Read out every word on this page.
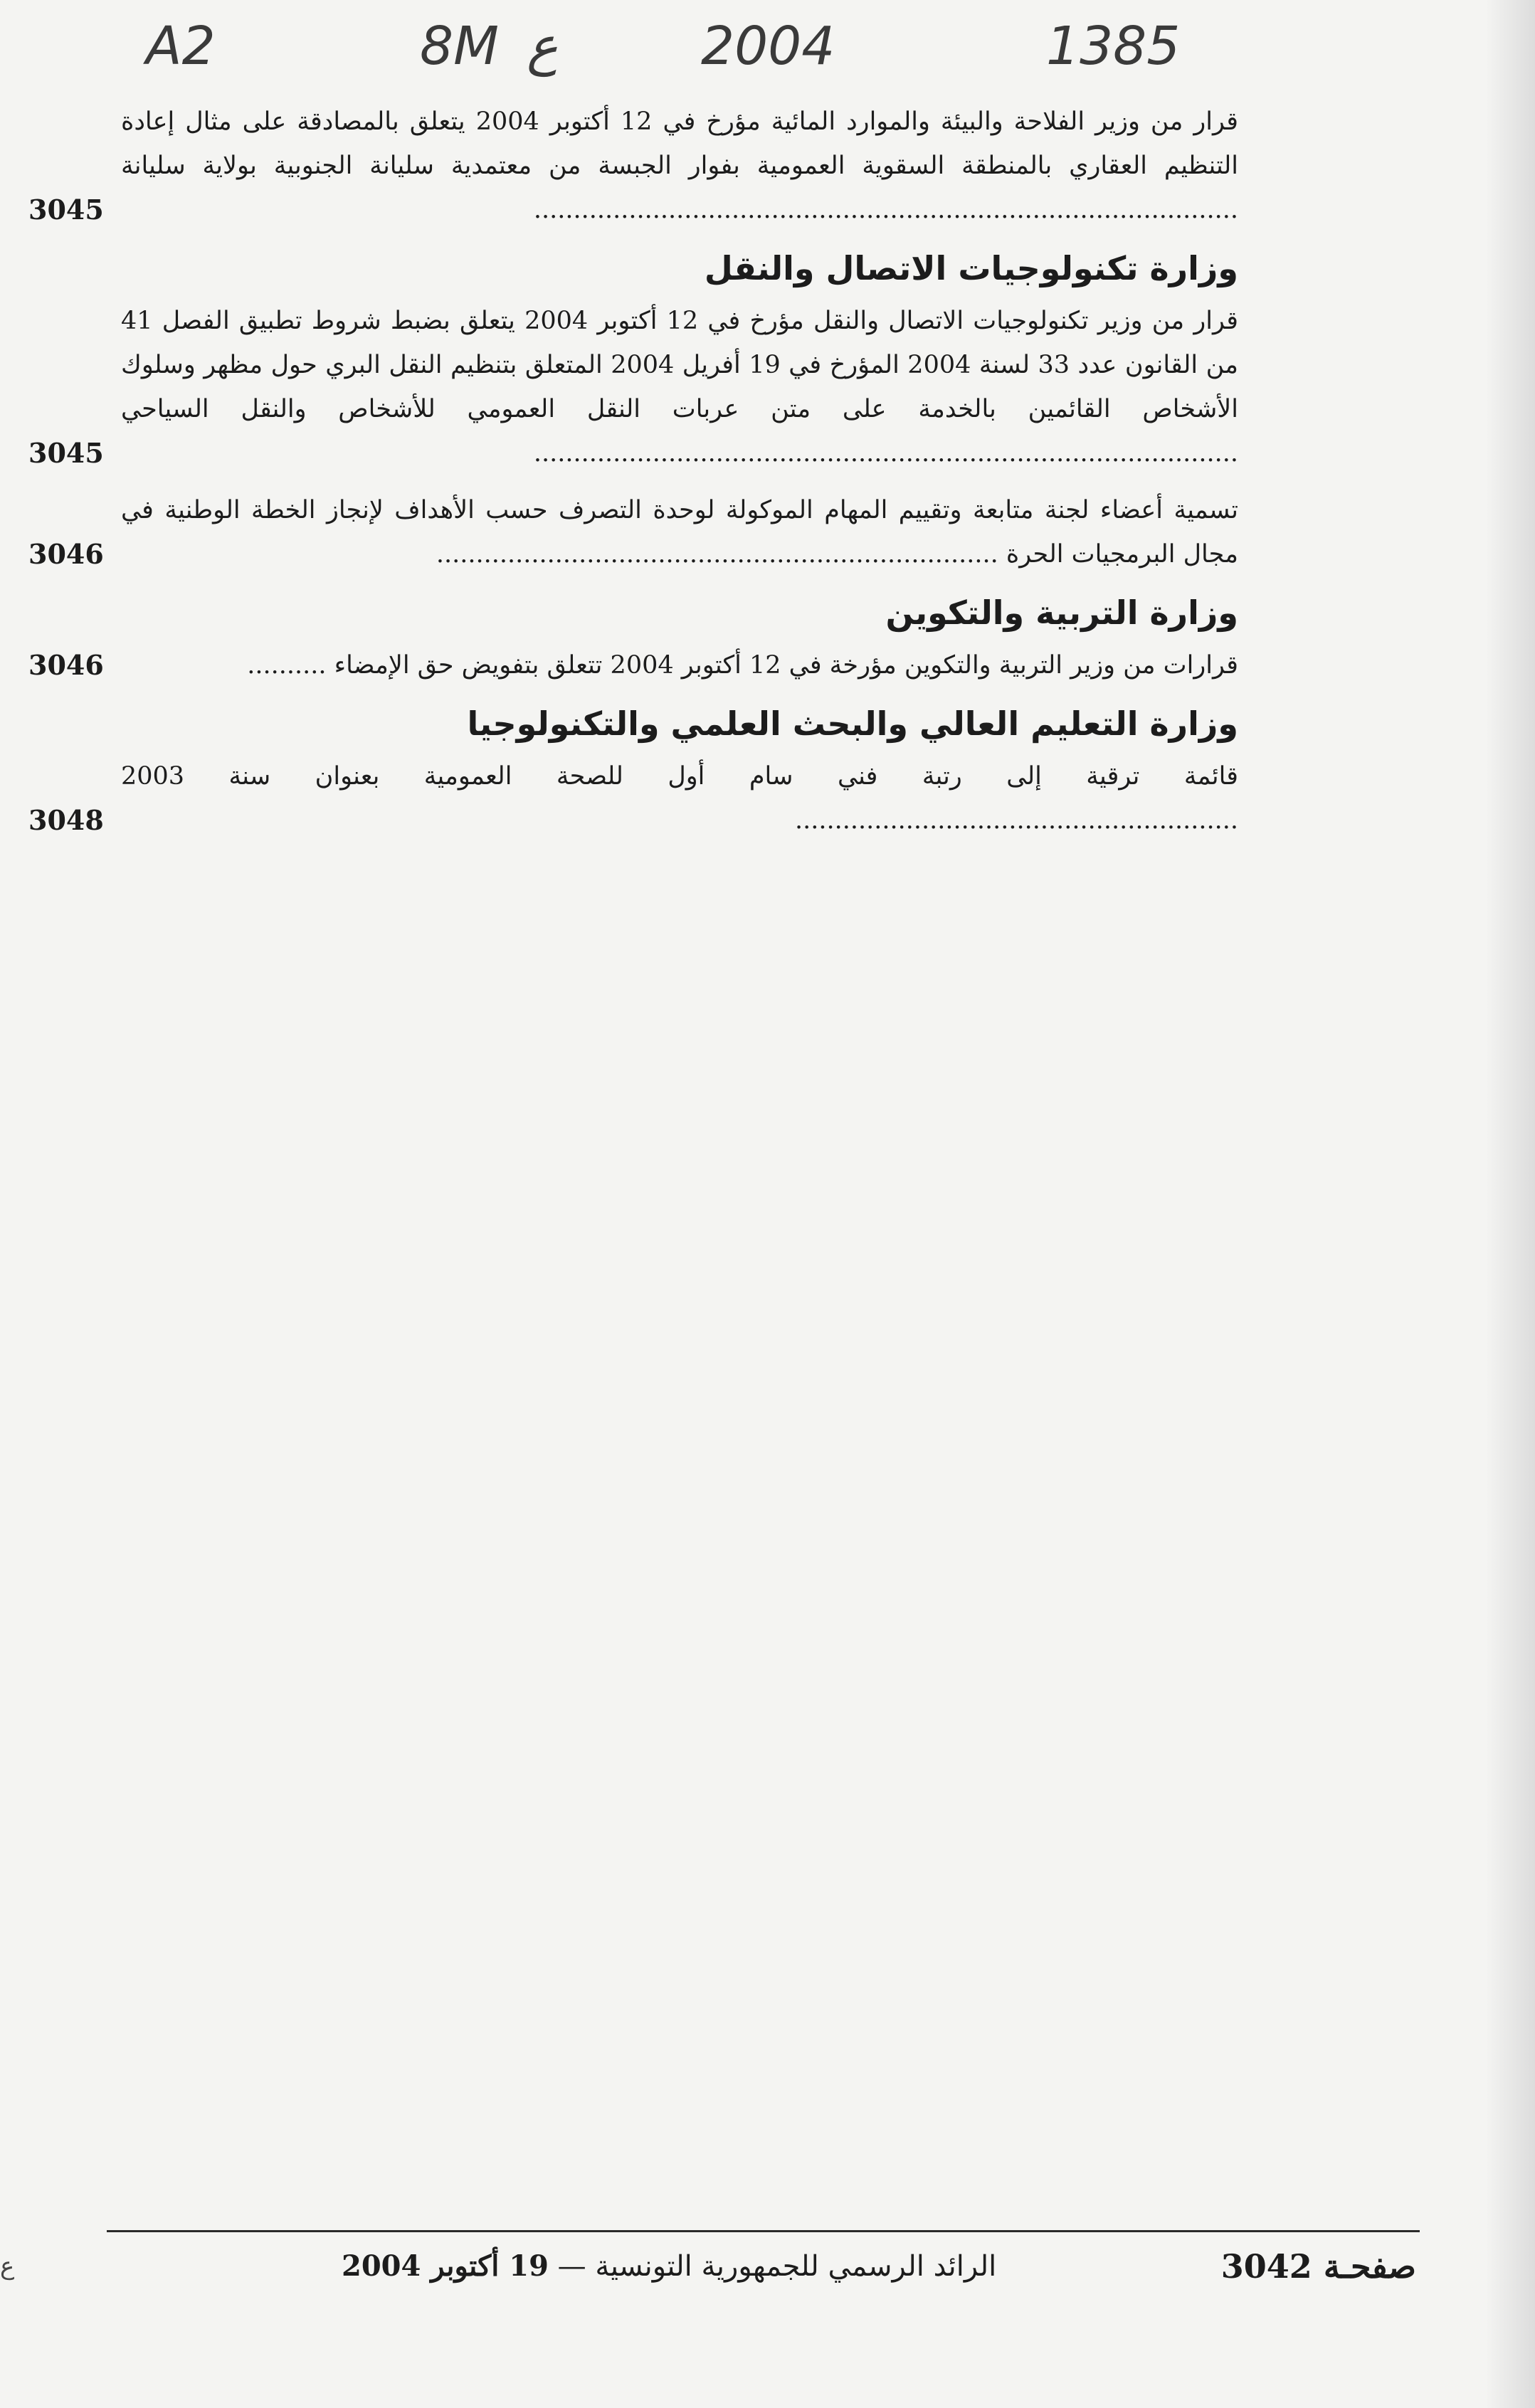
A2	8M ع	2004	1385
قرار من وزير الفلاحة والبيئة والموارد المائية مؤرخ في 12 أكتوبر 2004 يتعلق بالمصادقة على مثال إعادة التنظيم العقاري بالمنطقة السقوية العمومية بفوار الجبسة من معتمدية سليانة الجنوبية بولاية سليانة .........................................................................................
3045
وزارة تكنولوجيات الاتصال والنقل
قرار من وزير تكنولوجيات الاتصال والنقل مؤرخ في 12 أكتوبر 2004 يتعلق بضبط شروط تطبيق الفصل 41 من القانون عدد 33 لسنة 2004 المؤرخ في 19 أفريل 2004 المتعلق بتنظيم النقل البري حول مظهر وسلوك الأشخاص القائمين بالخدمة على متن عربات النقل العمومي للأشخاص والنقل السياحي .........................................................................................
3045
تسمية أعضاء لجنة متابعة وتقييم المهام الموكولة لوحدة التصرف حسب الأهداف لإنجاز الخطة الوطنية في مجال البرمجيات الحرة .......................................................................
3046
وزارة التربية والتكوين
قرارات من وزير التربية والتكوين مؤرخة في 12 أكتوبر 2004 تتعلق بتفويض حق الإمضاء ..........
3046
وزارة التعليم العالي والبحث العلمي والتكنولوجيا
قائمة ترقية إلى رتبة فني سام أول للصحة العمومية بعنوان سنة 2003 ........................................................
3048
الرائد الرسمي للجمهورية التونسية — 19 أكتوبر 2004	صفحـة 3042
ع
